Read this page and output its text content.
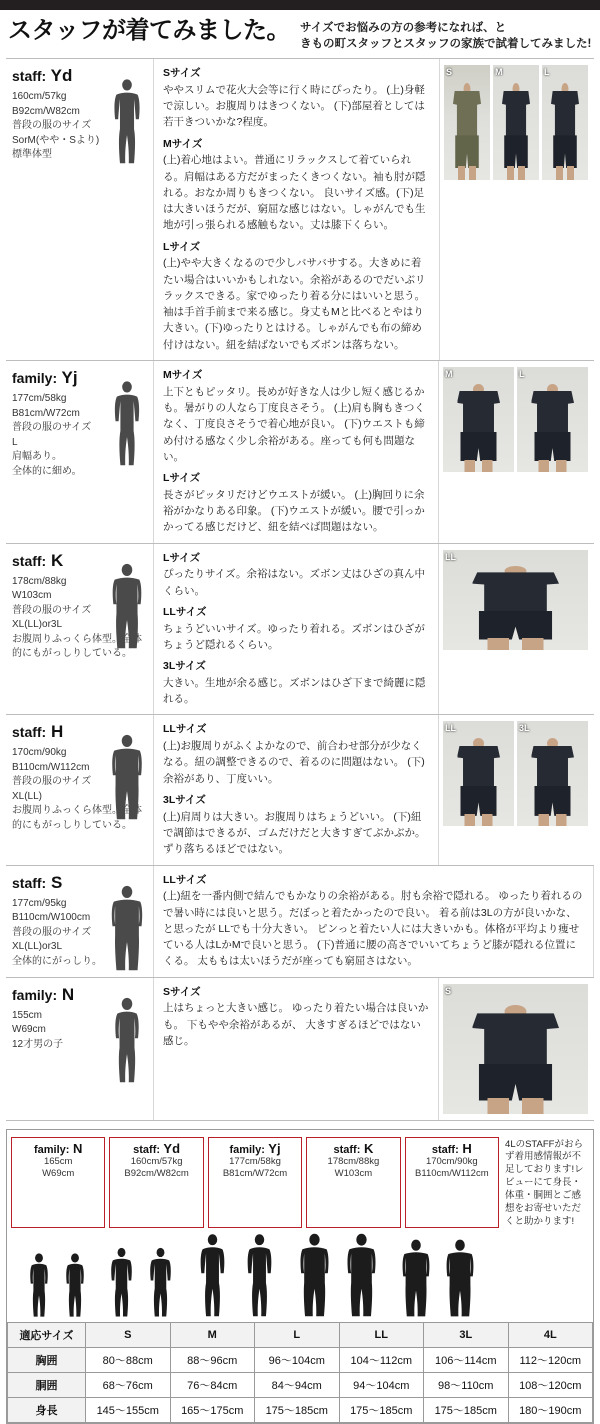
スタッフが着てみました。 サイズでお悩みの方の参考になれば、と
きもの町スタッフとスタッフの家族で試着してみました!
staff: Yd
160cm/57kg
B92cm/W82cm
普段の服のサイズ
SorM(やや・Sより)
標準体型
Sサイズ
ややスリムで花火大会等に行く時にぴったり。 (上)身軽で涼しい。お腹周りはきつくない。 (下)部屋着としては若干きついかな?程度。
Mサイズ
(上)着心地はよい。普通にリラックスして着ていられる。肩幅はある方だがまったくきつくない。袖も肘が隠れる。おなか周りもきつくない。 良いサイズ感。(下)足は大きいほうだが、窮屈な感じはない。しゃがんでも生地が引っ張られる感触もない。丈は膝下くらい。
Lサイズ
(上)やや大きくなるので少しバサバサする。大きめに着たい場合はいいかもしれない。余裕があるのでだいぶリラックスできる。家でゆったり着る分にはいいと思う。袖は手首手前まで来る感じ。身丈もMと比べるとやはり大きい。(下)ゆったりとはける。しゃがんでも布の締め付けはない。紐を結ばないでもズボンは落ちない。
S	M	L
family: Yj
177cm/58kg
B81cm/W72cm
普段の服のサイズ
L
肩幅あり。
全体的に細め。
Mサイズ
上下ともピッタリ。長めが好きな人は少し短く感じるかも。暑がりの人なら丁度良さそう。 (上)肩も胸もきつくなく、丁度良さそうで着心地が良い。 (下)ウエストも締め付ける感なく少し余裕がある。座っても何も問題ない。
Lサイズ
長さがピッタリだけどウエストが緩い。 (上)胸回りに余裕がかなりある印象。 (下)ウエストが緩い。腰で引っかかってる感じだけど、紐を結べば問題はない。
M	L
staff: K
178cm/88kg
W103cm
普段の服のサイズ
XL(LL)or3L
お腹周りふっくら体型。全体的にもがっしりしている。
Lサイズ
ぴったりサイズ。余裕はない。ズボン丈はひざの真ん中くらい。
LLサイズ
ちょうどいいサイズ。ゆったり着れる。ズボンはひざがちょうど隠れるくらい。
3Lサイズ
大きい。生地が余る感じ。ズボンはひざ下まで綺麗に隠れる。
LL
staff: H
170cm/90kg
B110cm/W112cm
普段の服のサイズ
XL(LL)
お腹周りふっくら体型。全体的にもがっしりしている。
LLサイズ
(上)お腹周りがふくよかなので、前合わせ部分が少なくなる。紐の調整できるので、着るのに問題はない。 (下)余裕があり、丁度いい。
3Lサイズ
(上)肩周りは大きい。お腹周りはちょうどいい。 (下)紐で調節はできるが、ゴムだけだと大きすぎてぶかぶか。ずり落ちるほどではない。
LL	3L
staff: S
177cm/95kg
B110cm/W100cm
普段の服のサイズ
XL(LL)or3L
全体的にがっしり。
LLサイズ
(上)紐を一番内側で結んでもかなりの余裕がある。肘も余裕で隠れる。 ゆったり着れるので暑い時には良いと思う。だぼっと着たかったので良い。 着る前は3Lの方が良いかな、と思ったが LLでも十分大きい。 ピンっと着たい人には大きいかも。体格が平均より痩せている人はLかMで良いと思う。 (下)普通に腰の高さでいいてちょうど膝が隠れる位置にくる。 太ももは太いほうだが座っても窮屈さはない。
family: N
155cm
W69cm
12才男の子
Sサイズ
上はちょっと大きい感じ。 ゆったり着たい場合は良いかも。 下もやや余裕があるが、 大きすぎるほどではない感じ。
S
family: N
165cm
W69cm
staff: Yd
160cm/57kg
B92cm/W82cm
family: Yj
177cm/58kg
B81cm/W72cm
staff: K
178cm/88kg
W103cm
staff: H
170cm/90kg
B110cm/W112cm
4LのSTAFFがおらず着用感情報が不足しております!レビューにて身長・体重・胴囲とご感想をお寄せいただくと助かります!
適応サイズ	S	M	L	LL	3L	4L
胸囲	80〜88cm	88〜96cm	96〜104cm	104〜112cm	106〜114cm	112〜120cm
胴囲	68〜76cm	76〜84cm	84〜94cm	94〜104cm	98〜110cm	108〜120cm
身長	145〜155cm	165〜175cm	175〜185cm	175〜185cm	175〜185cm	180〜190cm
